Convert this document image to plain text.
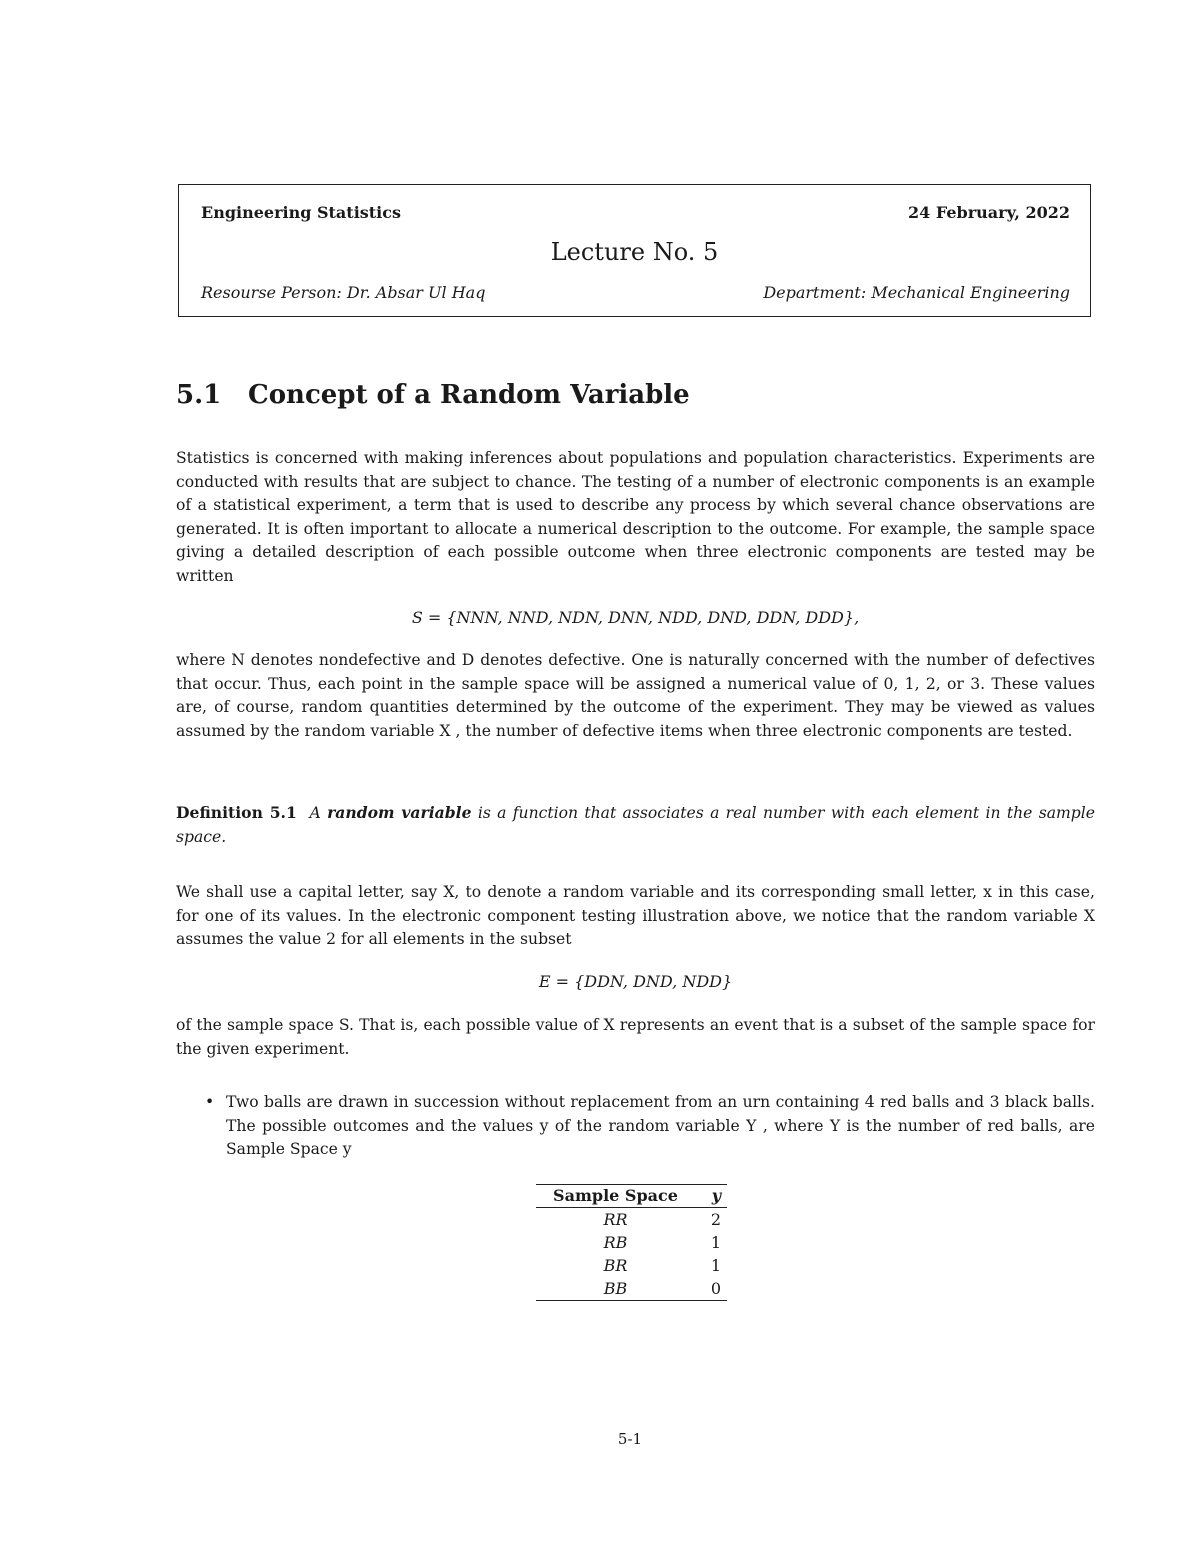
Engineering Statistics	24 February, 2022
Lecture No. 5
Resourse Person: Dr. Absar Ul Haq	Department: Mechanical Engineering
5.1 Concept of a Random Variable

Statistics is concerned with making inferences about populations and population characteristics. Experiments are conducted with results that are subject to chance. The testing of a number of electronic components is an example of a statistical experiment, a term that is used to describe any process by which several chance observations are generated. It is often important to allocate a numerical description to the outcome. For example, the sample space giving a detailed description of each possible outcome when three electronic components are tested may be written

S = {NNN, NND, NDN, DNN, NDD, DND, DDN, DDD},

where N denotes nondefective and D denotes defective. One is naturally concerned with the number of defectives that occur. Thus, each point in the sample space will be assigned a numerical value of 0, 1, 2, or 3. These values are, of course, random quantities determined by the outcome of the experiment. They may be viewed as values assumed by the random variable X , the number of defective items when three electronic components are tested.

Definition 5.1 A random variable is a function that associates a real number with each element in the sample space.

We shall use a capital letter, say X, to denote a random variable and its corresponding small letter, x in this case, for one of its values. In the electronic component testing illustration above, we notice that the random variable X assumes the value 2 for all elements in the subset

E = {DDN, DND, NDD}

of the sample space S. That is, each possible value of X represents an event that is a subset of the sample space for the given experiment.

• Two balls are drawn in succession without replacement from an urn containing 4 red balls and 3 black balls. The possible outcomes and the values y of the random variable Y , where Y is the number of red balls, are Sample Space y
Sample Space	y
RR	2
RB	1
BR	1
BB	0
5-1
